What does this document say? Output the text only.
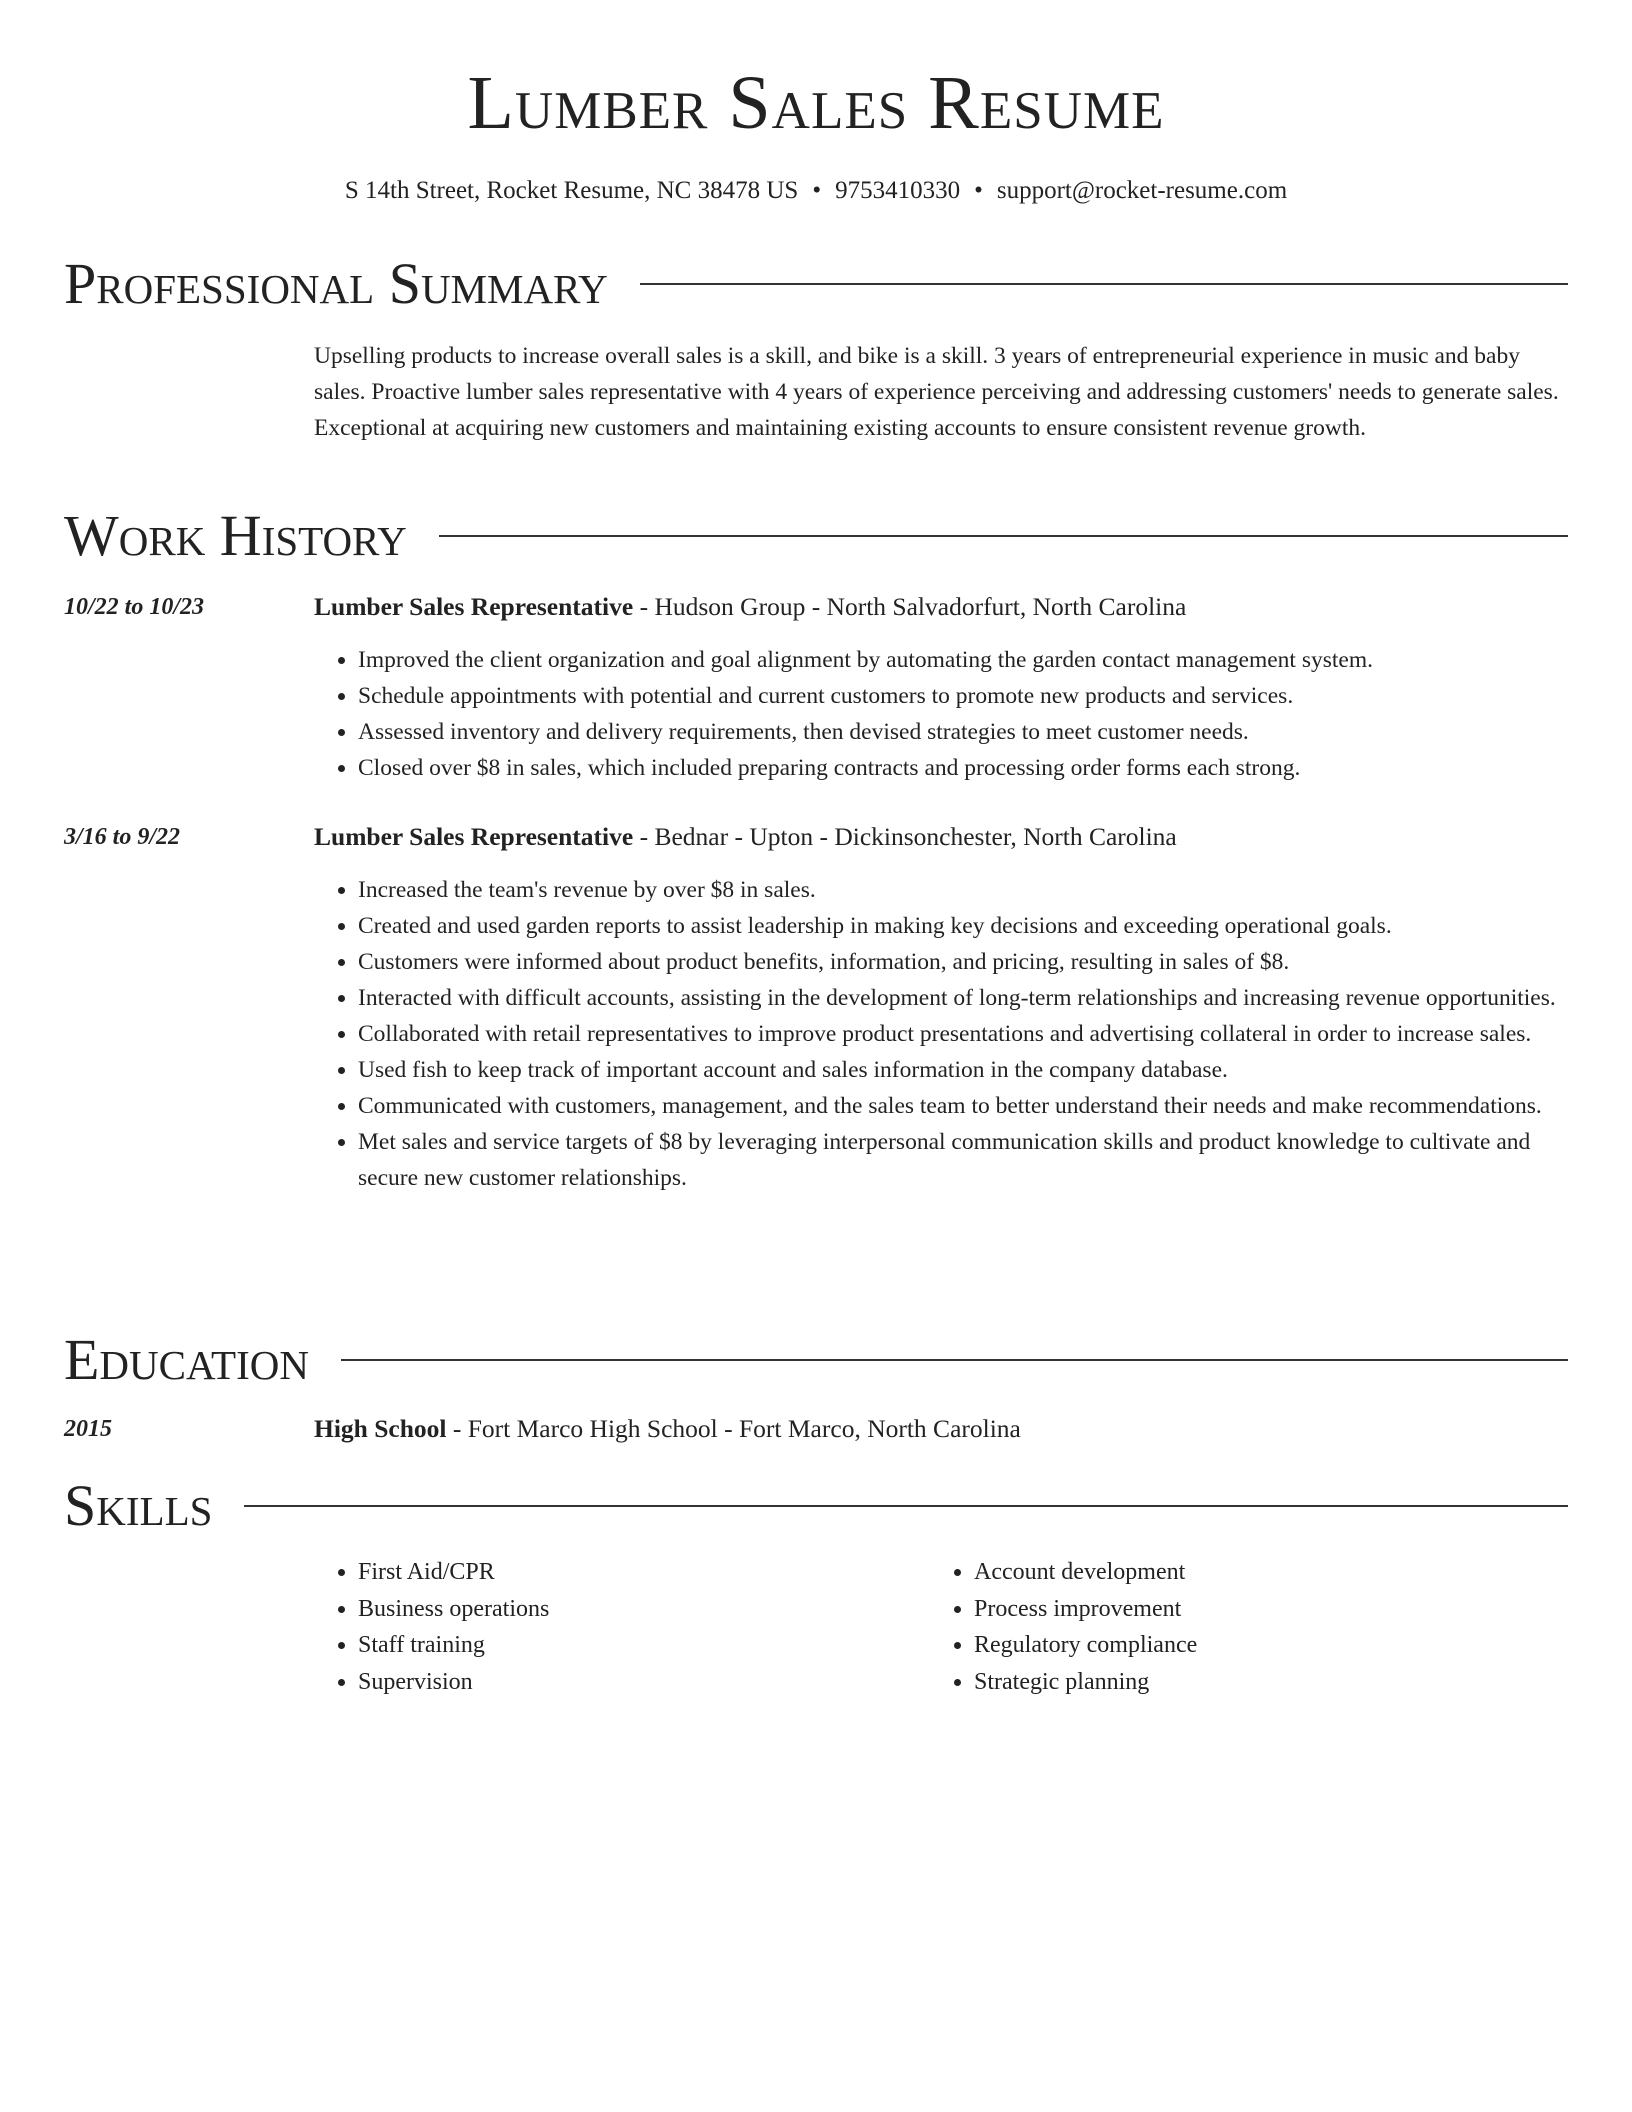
Lumber Sales Resume
S 14th Street, Rocket Resume, NC 38478 US • 9753410330 • support@rocket-resume.com
Professional Summary

Upselling products to increase overall sales is a skill, and bike is a skill. 3 years of entrepreneurial experience in music and baby sales. Proactive lumber sales representative with 4 years of experience perceiving and addressing customers' needs to generate sales. Exceptional at acquiring new customers and maintaining existing accounts to ensure consistent revenue growth.

Work History
10/22 to 10/23	Lumber Sales Representative - Hudson Group - North Salvadorfurt, North Carolina
• Improved the client organization and goal alignment by automating the garden contact management system.
• Schedule appointments with potential and current customers to promote new products and services.
• Assessed inventory and delivery requirements, then devised strategies to meet customer needs.
• Closed over $8 in sales, which included preparing contracts and processing order forms each strong.
3/16 to 9/22	Lumber Sales Representative - Bednar - Upton - Dickinsonchester, North Carolina
• Increased the team's revenue by over $8 in sales.
• Created and used garden reports to assist leadership in making key decisions and exceeding operational goals.
• Customers were informed about product benefits, information, and pricing, resulting in sales of $8.
• Interacted with difficult accounts, assisting in the development of long-term relationships and increasing revenue opportunities.
• Collaborated with retail representatives to improve product presentations and advertising collateral in order to increase sales.
• Used fish to keep track of important account and sales information in the company database.
• Communicated with customers, management, and the sales team to better understand their needs and make recommendations.
• Met sales and service targets of $8 by leveraging interpersonal communication skills and product knowledge to cultivate and secure new customer relationships.
Education
2015	High School - Fort Marco High School - Fort Marco, North Carolina
Skills
• First Aid/CPR
• Business operations
• Staff training
• Supervision
• Account development
• Process improvement
• Regulatory compliance
• Strategic planning
